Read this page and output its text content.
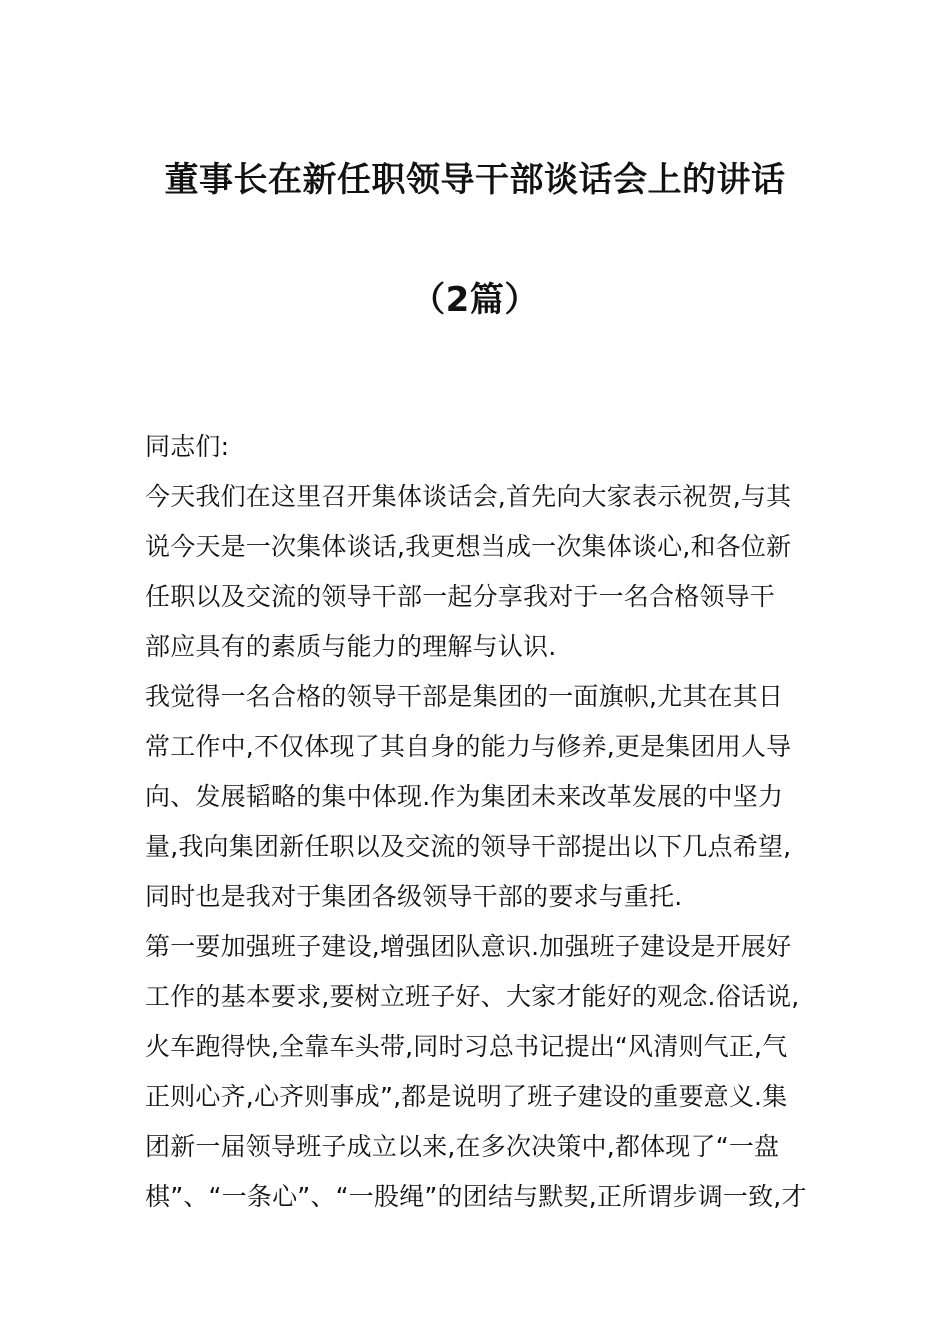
董事长在新任职领导干部谈话会上的讲话
（2篇）
同志们:
今天我们在这里召开集体谈话会,首先向大家表示祝贺,与其
说今天是一次集体谈话,我更想当成一次集体谈心,和各位新
任职以及交流的领导干部一起分享我对于一名合格领导干
部应具有的素质与能力的理解与认识.
我觉得一名合格的领导干部是集团的一面旗帜,尤其在其日
常工作中,不仅体现了其自身的能力与修养,更是集团用人导
向、发展韬略的集中体现.作为集团未来改革发展的中坚力
量,我向集团新任职以及交流的领导干部提出以下几点希望,
同时也是我对于集团各级领导干部的要求与重托.
第一要加强班子建设,增强团队意识.加强班子建设是开展好
工作的基本要求,要树立班子好、大家才能好的观念.俗话说,
火车跑得快,全靠车头带,同时习总书记提出“风清则气正,气
正则心齐,心齐则事成”,都是说明了班子建设的重要意义.集
团新一届领导班子成立以来,在多次决策中,都体现了“一盘
棋”、“一条心”、“一股绳”的团结与默契,正所谓步调一致,才
